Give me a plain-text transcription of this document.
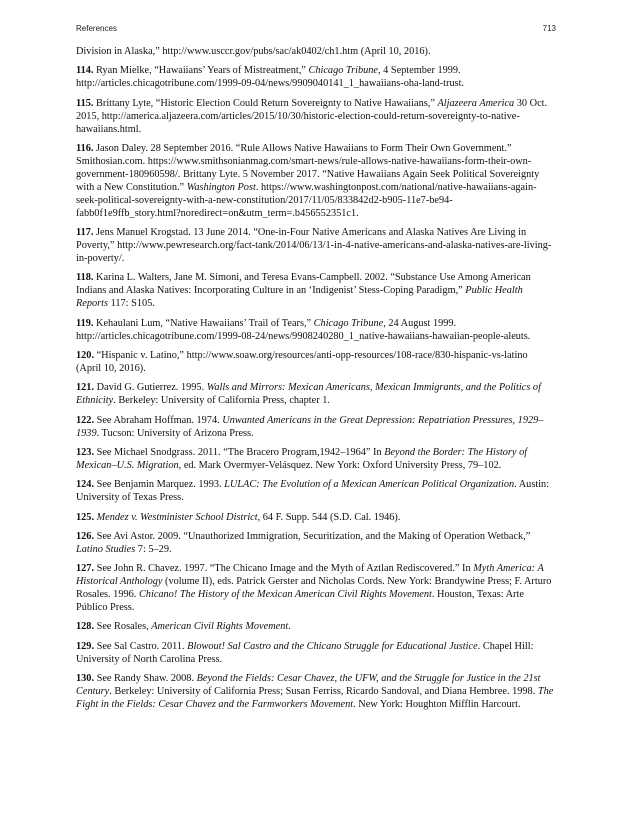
References	713

Division in Alaska,” http://www.usccr.gov/pubs/sac/ak0402/ch1.htm (April 10, 2016).

114. Ryan Mielke, “Hawaiians’ Years of Mistreatment,” Chicago Tribune, 4 September 1999. http://articles.chicagotribune.com/1999-09-04/news/9909040141_1_hawaiians-oha-land-trust.

115. Brittany Lyte, “Historic Election Could Return Sovereignty to Native Hawaiians,” Aljazeera America 30 Oct. 2015, http://america.aljazeera.com/articles/2015/10/30/historic-election-could-return-sovereignty-to-native-hawaiians.html.

116. Jason Daley. 28 September 2016. “Rule Allows Native Hawaiians to Form Their Own Government.” Smithosian.com. https://www.smithsonianmag.com/smart-news/rule-allows-native-hawaiians-form-their-own-government-180960598/. Brittany Lyte. 5 November 2017. “Native Hawaiians Again Seek Political Sovereignty with a New Constitution.” Washington Post. https://www.washingtonpost.com/national/native-hawaiians-again-seek-political-sovereignty-with-a-new-constitution/2017/11/05/833842d2-b905-11e7-be94-fabb0f1e9ffb_story.html?noredirect=on&utm_term=.b456552351c1.

117. Jens Manuel Krogstad. 13 June 2014. “One-in-Four Native Americans and Alaska Natives Are Living in Poverty,” http://www.pewresearch.org/fact-tank/2014/06/13/1-in-4-native-americans-and-alaska-natives-are-living-in-poverty/.

118. Karina L. Walters, Jane M. Simoni, and Teresa Evans-Campbell. 2002. “Substance Use Among American Indians and Alaska Natives: Incorporating Culture in an ‘Indigenist’ Stess-Coping Paradigm,” Public Health Reports 117: S105.

119. Kehaulani Lum, “Native Hawaiians’ Trail of Tears,” Chicago Tribune, 24 August 1999. http://articles.chicagotribune.com/1999-08-24/news/9908240280_1_native-hawaiians-hawaiian-people-aleuts.

120. “Hispanic v. Latino,” http://www.soaw.org/resources/anti-opp-resources/108-race/830-hispanic-vs-latino (April 10, 2016).

121. David G. Gutierrez. 1995. Walls and Mirrors: Mexican Americans, Mexican Immigrants, and the Politics of Ethnicity. Berkeley: University of California Press, chapter 1.

122. See Abraham Hoffman. 1974. Unwanted Americans in the Great Depression: Repatriation Pressures, 1929–1939. Tucson: University of Arizona Press.

123. See Michael Snodgrass. 2011. “The Bracero Program,1942–1964” In Beyond the Border: The History of Mexican–U.S. Migration, ed. Mark Overmyer-Velásquez. New York: Oxford University Press, 79–102.

124. See Benjamin Marquez. 1993. LULAC: The Evolution of a Mexican American Political Organization. Austin: University of Texas Press.

125. Mendez v. Westminister School District, 64 F. Supp. 544 (S.D. Cal. 1946).

126. See Avi Astor. 2009. “Unauthorized Immigration, Securitization, and the Making of Operation Wetback,” Latino Studies 7: 5–29.

127. See John R. Chavez. 1997. “The Chicano Image and the Myth of Aztlan Rediscovered.” In Myth America: A Historical Anthology (volume II), eds. Patrick Gerster and Nicholas Cords. New York: Brandywine Press; F. Arturo Rosales. 1996. Chicano! The History of the Mexican American Civil Rights Movement. Houston, Texas: Arte Público Press.

128. See Rosales, American Civil Rights Movement.

129. See Sal Castro. 2011. Blowout! Sal Castro and the Chicano Struggle for Educational Justice. Chapel Hill: University of North Carolina Press.

130. See Randy Shaw. 2008. Beyond the Fields: Cesar Chavez, the UFW, and the Struggle for Justice in the 21st Century. Berkeley: University of California Press; Susan Ferriss, Ricardo Sandoval, and Diana Hembree. 1998. The Fight in the Fields: Cesar Chavez and the Farmworkers Movement. New York: Houghton Mifflin Harcourt.
